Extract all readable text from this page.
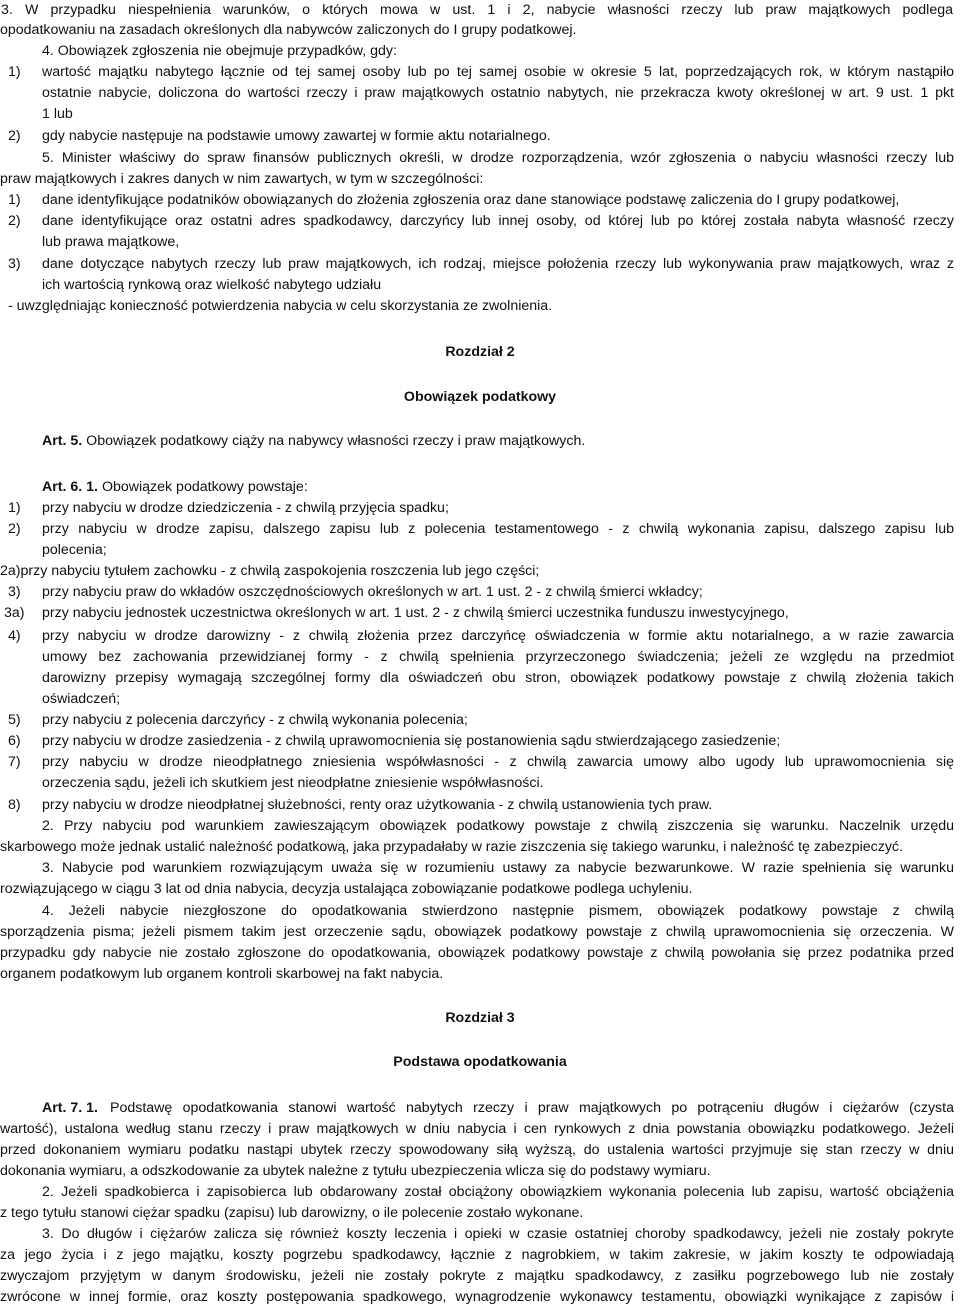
3. W przypadku niespełnienia warunków, o których mowa w ust. 1 i 2, nabycie własności rzeczy lub praw majątkowych podlega
opodatkowaniu na zasadach określonych dla nabywców zaliczonych do I grupy podatkowej.
4. Obowiązek zgłoszenia nie obejmuje przypadków, gdy:
1) wartość majątku nabytego łącznie od tej samej osoby lub po tej samej osobie w okresie 5 lat, poprzedzających rok, w którym nastąpiło
ostatnie nabycie, doliczona do wartości rzeczy i praw majątkowych ostatnio nabytych, nie przekracza kwoty określonej w art. 9 ust. 1 pkt
1 lub
2) gdy nabycie następuje na podstawie umowy zawartej w formie aktu notarialnego.
5. Minister właściwy do spraw finansów publicznych określi, w drodze rozporządzenia, wzór zgłoszenia o nabyciu własności rzeczy lub
praw majątkowych i zakres danych w nim zawartych, w tym w szczególności:
1) dane identyfikujące podatników obowiązanych do złożenia zgłoszenia oraz dane stanowiące podstawę zaliczenia do I grupy podatkowej,
2) dane identyfikujące oraz ostatni adres spadkodawcy, darczyńcy lub innej osoby, od której lub po której została nabyta własność rzeczy
lub prawa majątkowe,
3) dane dotyczące nabytych rzeczy lub praw majątkowych, ich rodzaj, miejsce położenia rzeczy lub wykonywania praw majątkowych, wraz z
ich wartością rynkową oraz wielkość nabytego udziału
- uwzględniając konieczność potwierdzenia nabycia w celu skorzystania ze zwolnienia.
Rozdział 2
Obowiązek podatkowy
Art. 5. Obowiązek podatkowy ciąży na nabywcy własności rzeczy i praw majątkowych.
Art. 6. 1. Obowiązek podatkowy powstaje:
1) przy nabyciu w drodze dziedziczenia - z chwilą przyjęcia spadku;
2) przy nabyciu w drodze zapisu, dalszego zapisu lub z polecenia testamentowego - z chwilą wykonania zapisu, dalszego zapisu lub
polecenia;
2a)przy nabyciu tytułem zachowku - z chwilą zaspokojenia roszczenia lub jego części;
3) przy nabyciu praw do wkładów oszczędnościowych określonych w art. 1 ust. 2 - z chwilą śmierci wkładcy;
3a) przy nabyciu jednostek uczestnictwa określonych w art. 1 ust. 2 - z chwilą śmierci uczestnika funduszu inwestycyjnego,
4) przy nabyciu w drodze darowizny - z chwilą złożenia przez darczyńcę oświadczenia w formie aktu notarialnego, a w razie zawarcia
umowy bez zachowania przewidzianej formy - z chwilą spełnienia przyrzeczonego świadczenia; jeżeli ze względu na przedmiot
darowizny przepisy wymagają szczególnej formy dla oświadczeń obu stron, obowiązek podatkowy powstaje z chwilą złożenia takich
oświadczeń;
5) przy nabyciu z polecenia darczyńcy - z chwilą wykonania polecenia;
6) przy nabyciu w drodze zasiedzenia - z chwilą uprawomocnienia się postanowienia sądu stwierdzającego zasiedzenie;
7) przy nabyciu w drodze nieodpłatnego zniesienia współwłasności - z chwilą zawarcia umowy albo ugody lub uprawomocnienia się
orzeczenia sądu, jeżeli ich skutkiem jest nieodpłatne zniesienie współwłasności.
8) przy nabyciu w drodze nieodpłatnej służebności, renty oraz użytkowania - z chwilą ustanowienia tych praw.
2. Przy nabyciu pod warunkiem zawieszającym obowiązek podatkowy powstaje z chwilą ziszczenia się warunku. Naczelnik urzędu
skarbowego może jednak ustalić należność podatkową, jaka przypadałaby w razie ziszczenia się takiego warunku, i należność tę zabezpieczyć.
3. Nabycie pod warunkiem rozwiązującym uważa się w rozumieniu ustawy za nabycie bezwarunkowe. W razie spełnienia się warunku
rozwiązującego w ciągu 3 lat od dnia nabycia, decyzja ustalająca zobowiązanie podatkowe podlega uchyleniu.
4. Jeżeli nabycie niezgłoszone do opodatkowania stwierdzono następnie pismem, obowiązek podatkowy powstaje z chwilą
sporządzenia pisma; jeżeli pismem takim jest orzeczenie sądu, obowiązek podatkowy powstaje z chwilą uprawomocnienia się orzeczenia. W
przypadku gdy nabycie nie zostało zgłoszone do opodatkowania, obowiązek podatkowy powstaje z chwilą powołania się przez podatnika przed
organem podatkowym lub organem kontroli skarbowej na fakt nabycia.
Rozdział 3
Podstawa opodatkowania
Art. 7. 1. Podstawę opodatkowania stanowi wartość nabytych rzeczy i praw majątkowych po potrąceniu długów i ciężarów (czysta
wartość), ustalona według stanu rzeczy i praw majątkowych w dniu nabycia i cen rynkowych z dnia powstania obowiązku podatkowego. Jeżeli
przed dokonaniem wymiaru podatku nastąpi ubytek rzeczy spowodowany siłą wyższą, do ustalenia wartości przyjmuje się stan rzeczy w dniu
dokonania wymiaru, a odszkodowanie za ubytek należne z tytułu ubezpieczenia wlicza się do podstawy wymiaru.
2. Jeżeli spadkobierca i zapisobierca lub obdarowany został obciążony obowiązkiem wykonania polecenia lub zapisu, wartość obciążenia
z tego tytułu stanowi ciężar spadku (zapisu) lub darowizny, o ile polecenie zostało wykonane.
3. Do długów i ciężarów zalicza się również koszty leczenia i opieki w czasie ostatniej choroby spadkodawcy, jeżeli nie zostały pokryte
za jego życia i z jego majątku, koszty pogrzebu spadkodawcy, łącznie z nagrobkiem, w takim zakresie, w jakim koszty te odpowiadają
zwyczajom przyjętym w danym środowisku, jeżeli nie zostały pokryte z majątku spadkodawcy, z zasiłku pogrzebowego lub nie zostały
zwrócone w innej formie, oraz koszty postępowania spadkowego, wynagrodzenie wykonawcy testamentu, obowiązki wynikające z zapisów i
